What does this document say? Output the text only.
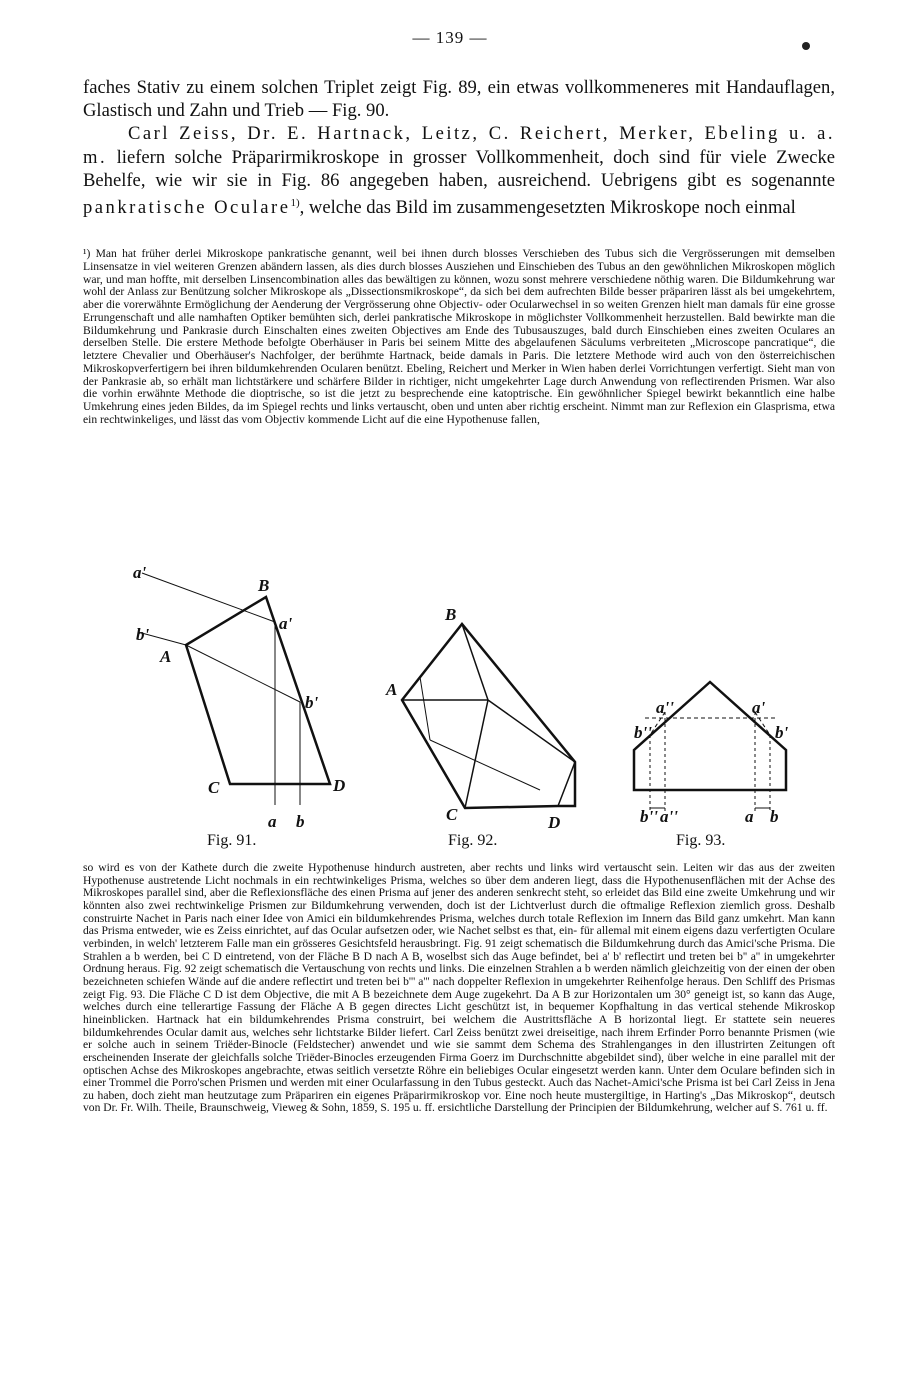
— 139 —

faches Stativ zu einem solchen Triplet zeigt Fig. 89, ein etwas vollkommeneres mit Handauflagen, Glastisch und Zahn und Trieb — Fig. 90.

Carl Zeiss, Dr. E. Hartnack, Leitz, C. Reichert, Merker, Ebeling u. a. m. liefern solche Präparirmikroskope in grosser Vollkommenheit, doch sind für viele Zwecke Behelfe, wie wir sie in Fig. 86 angegeben haben, ausreichend. Uebrigens gibt es sogenannte pankratische Oculare$^{1)}$, welche das Bild im zusammengesetzten Mikroskope noch einmal

¹) Man hat früher derlei Mikroskope pankratische genannt, weil bei ihnen durch blosses Verschieben des Tubus sich die Vergrösserungen mit demselben Linsensatze in viel weiteren Grenzen abändern lassen, als dies durch blosses Ausziehen und Einschieben des Tubus an den gewöhnlichen Mikroskopen möglich war, und man hoffte, mit derselben Linsencombination alles das bewältigen zu können, wozu sonst mehrere verschiedene nöthig waren. Die Bildumkehrung war wohl der Anlass zur Benützung solcher Mikroskope als „Dissectionsmikroskope“, da sich bei dem aufrechten Bilde besser präpariren lässt als bei umgekehrtem, aber die vorerwähnte Ermöglichung der Aenderung der Vergrösserung ohne Objectiv- oder Ocularwechsel in so weiten Grenzen hielt man damals für eine grosse Errungenschaft und alle namhaften Optiker bemühten sich, derlei pankratische Mikroskope in möglichster Vollkommenheit herzustellen. Bald bewirkte man die Bildumkehrung und Pankrasie durch Einschalten eines zweiten Objectives am Ende des Tubusauszuges, bald durch Einschieben eines zweiten Oculares an derselben Stelle. Die erstere Methode befolgte Oberhäuser in Paris bei seinem Mitte des abgelaufenen Säculums verbreiteten „Microscope pancratique“, die letztere Chevalier und Oberhäuser's Nachfolger, der berühmte Hartnack, beide damals in Paris. Die letztere Methode wird auch von den österreichischen Mikroskopverfertigern bei ihren bildumkehrenden Ocularen benützt. Ebeling, Reichert und Merker in Wien haben derlei Vorrichtungen verfertigt. Sieht man von der Pankrasie ab, so erhält man lichtstärkere und schärfere Bilder in richtiger, nicht umgekehrter Lage durch Anwendung von reflectirenden Prismen. War also die vorhin erwähnte Methode die dioptrische, so ist die jetzt zu besprechende eine katoptrische. Ein gewöhnlicher Spiegel bewirkt bekanntlich eine halbe Umkehrung eines jeden Bildes, da im Spiegel rechts und links vertauscht, oben und unten aber richtig erscheint. Nimmt man zur Reflexion ein Glasprisma, etwa ein rechtwinkeliges, und lässt das vom Objectiv kommende Licht auf die eine Hypothenuse fallen,

a'
b'
B
A
a'
b'
C	D
a b
B
A
C	D
a''	a'
b''	b'
b'' a''	a b
Fig. 91.	Fig. 92.	Fig. 93.

so wird es von der Kathete durch die zweite Hypothenuse hindurch austreten, aber rechts und links wird vertauscht sein. Leiten wir das aus der zweiten Hypothenuse austretende Licht nochmals in ein rechtwinkeliges Prisma, welches so über dem anderen liegt, dass die Hypothenusenflächen mit der Achse des Mikroskopes parallel sind, aber die Reflexionsfläche des einen Prisma auf jener des anderen senkrecht steht, so erleidet das Bild eine zweite Umkehrung und wir könnten also zwei rechtwinkelige Prismen zur Bildumkehrung verwenden, doch ist der Lichtverlust durch die oftmalige Reflexion ziemlich gross. Deshalb construirte Nachet in Paris nach einer Idee von Amici ein bildumkehrendes Prisma, welches durch totale Reflexion im Innern das Bild ganz umkehrt. Man kann das Prisma entweder, wie es Zeiss einrichtet, auf das Ocular aufsetzen oder, wie Nachet selbst es that, ein- für allemal mit einem eigens dazu verfertigten Oculare verbinden, in welch' letzterem Falle man ein grösseres Gesichtsfeld herausbringt. Fig. 91 zeigt schematisch die Bildumkehrung durch das Amici'sche Prisma. Die Strahlen a b werden, bei C D eintretend, von der Fläche B D nach A B, woselbst sich das Auge befindet, bei a' b' reflectirt und treten bei b'' a'' in umgekehrter Ordnung heraus. Fig. 92 zeigt schematisch die Vertauschung von rechts und links. Die einzelnen Strahlen a b werden nämlich gleichzeitig von der einen der oben bezeichneten schiefen Wände auf die andere reflectirt und treten bei b''' a''' nach doppelter Reflexion in umgekehrter Reihenfolge heraus. Den Schliff des Prismas zeigt Fig. 93. Die Fläche C D ist dem Objective, die mit A B bezeichnete dem Auge zugekehrt. Da A B zur Horizontalen um 30° geneigt ist, so kann das Auge, welches durch eine tellerartige Fassung der Fläche A B gegen directes Licht geschützt ist, in bequemer Kopfhaltung in das vertical stehende Mikroskop hineinblicken. Hartnack hat ein bildumkehrendes Prisma construirt, bei welchem die Austrittsfläche A B horizontal liegt. Er stattete sein neueres bildumkehrendes Ocular damit aus, welches sehr lichtstarke Bilder liefert. Carl Zeiss benützt zwei dreiseitige, nach ihrem Erfinder Porro benannte Prismen (wie er solche auch in seinem Triëder-Binocle (Feldstecher) anwendet und wie sie sammt dem Schema des Strahlenganges in den illustrirten Zeitungen oft erscheinenden Inserate der gleichfalls solche Triëder-Binocles erzeugenden Firma Goerz im Durchschnitte abgebildet sind), über welche in eine parallel mit der optischen Achse des Mikroskopes angebrachte, etwas seitlich versetzte Röhre ein beliebiges Ocular eingesetzt werden kann. Unter dem Oculare befinden sich in einer Trommel die Porro'schen Prismen und werden mit einer Ocularfassung in den Tubus gesteckt. Auch das Nachet-Amici'sche Prisma ist bei Carl Zeiss in Jena zu haben, doch zieht man heutzutage zum Präpariren ein eigenes Präparirmikroskop vor. Eine noch heute mustergiltige, in Harting's „Das Mikroskop“, deutsch von Dr. Fr. Wilh. Theile, Braunschweig, Vieweg & Sohn, 1859, S. 195 u. ff. ersichtliche Darstellung der Principien der Bildumkehrung, welcher auf S. 761 u. ff.
